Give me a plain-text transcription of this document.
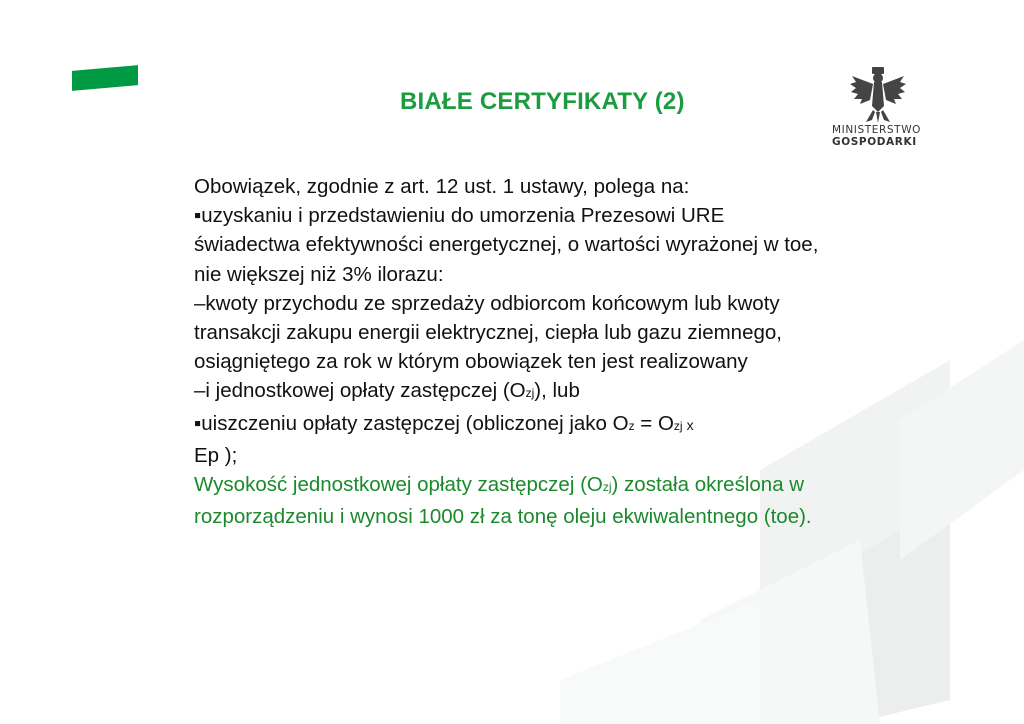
BIAŁE CERTYFIKATY (2)
MINISTERSTWO
GOSPODARKI

Obowiązek, zgodnie z art. 12 ust. 1 ustawy, polega na:

▪uzyskaniu i przedstawieniu do umorzenia Prezesowi URE świadectwa efektywności energetycznej, o wartości wyrażonej w toe, nie większej niż 3% ilorazu:

–kwoty przychodu ze sprzedaży odbiorcom końcowym lub kwoty transakcji zakupu energii elektrycznej, ciepła lub gazu ziemnego, osiągniętego za rok w którym obowiązek ten jest realizowany

–i jednostkowej opłaty zastępczej (Ozj), lub

▪uiszczeniu opłaty zastępczej (obliczonej jako Oz = Ozj x
Ep );

Wysokość jednostkowej opłaty zastępczej (Ozj) została określona w rozporządzeniu i wynosi 1000 zł za tonę oleju ekwiwalentnego (toe).
